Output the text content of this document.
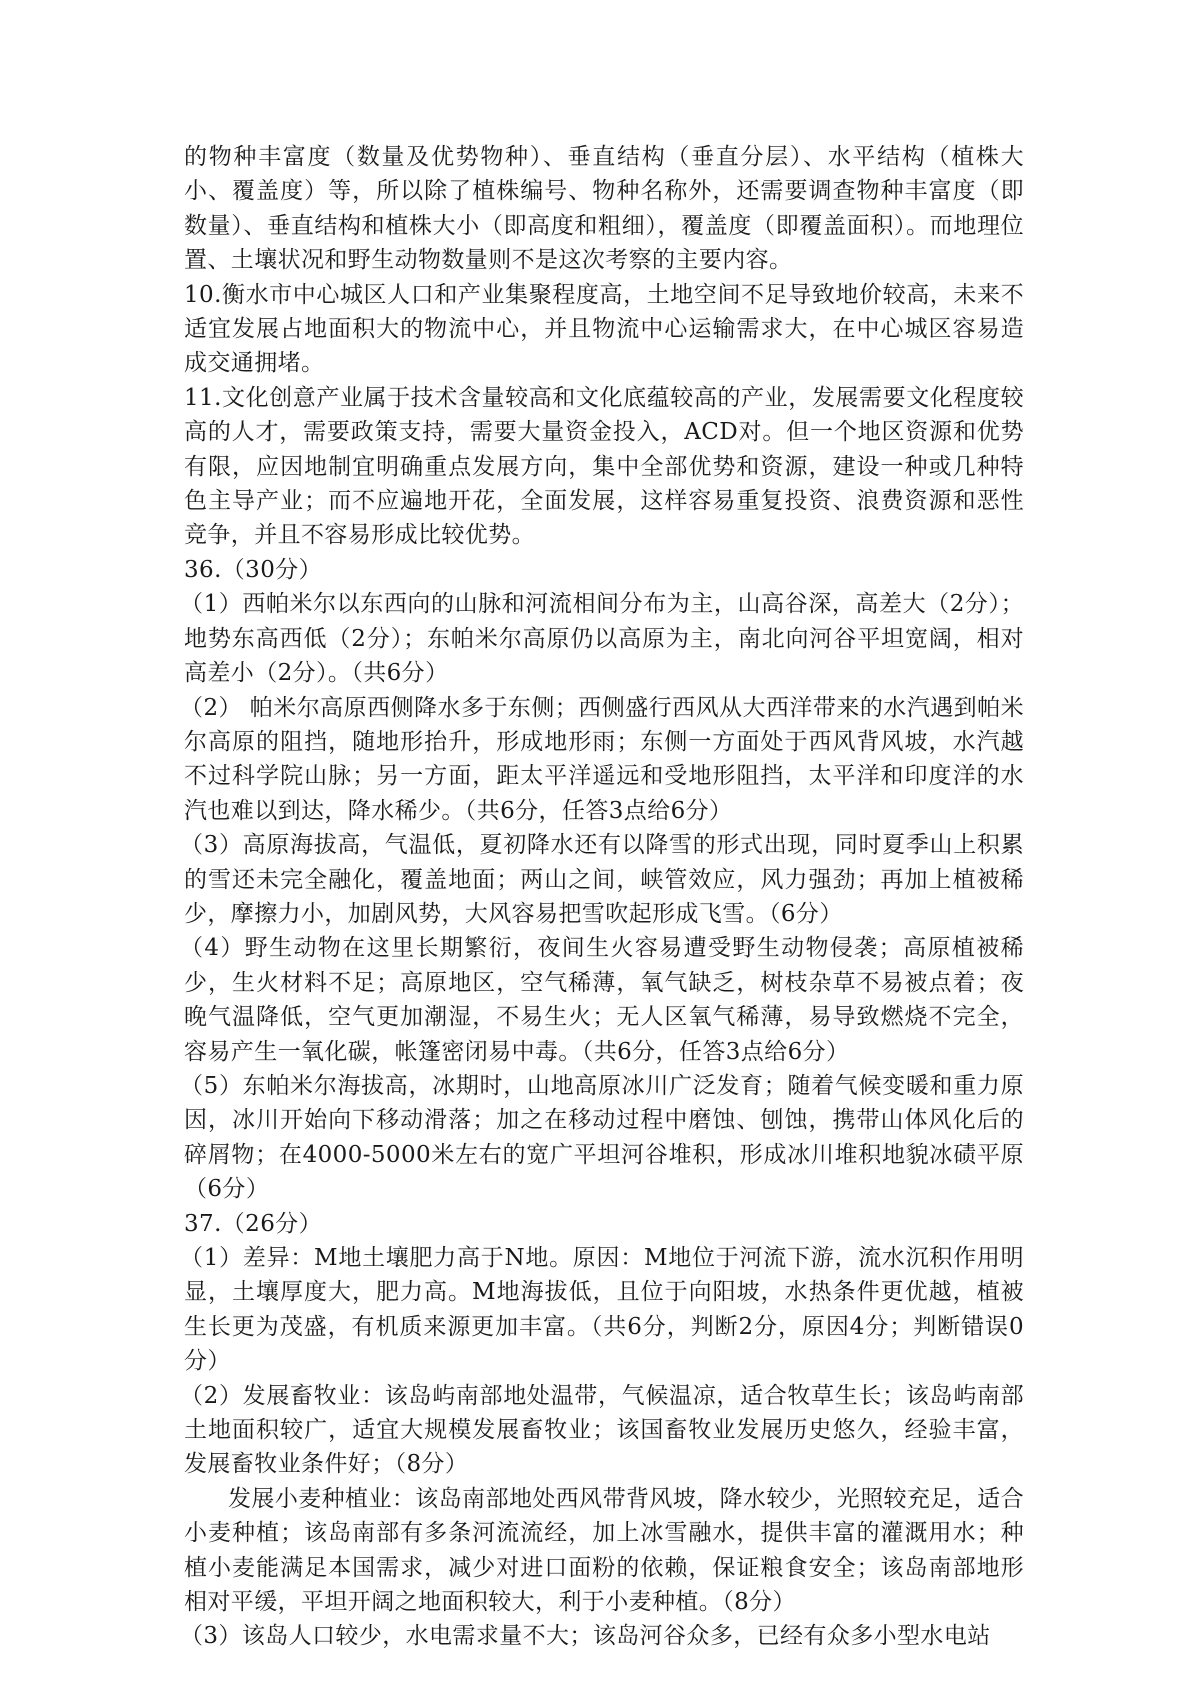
的物种丰富度（数量及优势物种）、垂直结构（垂直分层）、水平结构（植株大小、覆盖度）等，所以除了植株编号、物种名称外，还需要调查物种丰富度（即数量）、垂直结构和植株大小（即高度和粗细），覆盖度（即覆盖面积）。而地理位置、土壤状况和野生动物数量则不是这次考察的主要内容。

10.衡水市中心城区人口和产业集聚程度高，土地空间不足导致地价较高，未来不适宜发展占地面积大的物流中心，并且物流中心运输需求大，在中心城区容易造成交通拥堵。

11.文化创意产业属于技术含量较高和文化底蕴较高的产业，发展需要文化程度较高的人才，需要政策支持，需要大量资金投入，ACD对。但一个地区资源和优势有限，应因地制宜明确重点发展方向，集中全部优势和资源，建设一种或几种特色主导产业；而不应遍地开花，全面发展，这样容易重复投资、浪费资源和恶性竞争，并且不容易形成比较优势。

36.（30分）

（1）西帕米尔以东西向的山脉和河流相间分布为主，山高谷深，高差大（2分）；地势东高西低（2分）；东帕米尔高原仍以高原为主，南北向河谷平坦宽阔，相对高差小（2分）。（共6分）

（2） 帕米尔高原西侧降水多于东侧；西侧盛行西风从大西洋带来的水汽遇到帕米尔高原的阻挡，随地形抬升，形成地形雨；东侧一方面处于西风背风坡，水汽越不过科学院山脉；另一方面，距太平洋遥远和受地形阻挡，太平洋和印度洋的水汽也难以到达，降水稀少。（共6分，任答3点给6分）

（3）高原海拔高，气温低，夏初降水还有以降雪的形式出现，同时夏季山上积累的雪还未完全融化，覆盖地面；两山之间，峡管效应，风力强劲；再加上植被稀少，摩擦力小，加剧风势，大风容易把雪吹起形成飞雪。（6分）

（4）野生动物在这里长期繁衍，夜间生火容易遭受野生动物侵袭；高原植被稀少，生火材料不足；高原地区，空气稀薄，氧气缺乏，树枝杂草不易被点着；夜晚气温降低，空气更加潮湿，不易生火；无人区氧气稀薄，易导致燃烧不完全，容易产生一氧化碳，帐篷密闭易中毒。（共6分，任答3点给6分）

（5）东帕米尔海拔高，冰期时，山地高原冰川广泛发育；随着气候变暖和重力原因，冰川开始向下移动滑落；加之在移动过程中磨蚀、刨蚀，携带山体风化后的碎屑物；在4000-5000米左右的宽广平坦河谷堆积，形成冰川堆积地貌冰碛平原（6分）

37.（26分）

（1）差异：M地土壤肥力高于N地。原因：M地位于河流下游，流水沉积作用明显，土壤厚度大，肥力高。M地海拔低，且位于向阳坡，水热条件更优越，植被生长更为茂盛，有机质来源更加丰富。（共6分，判断2分，原因4分；判断错误0分）

（2）发展畜牧业：该岛屿南部地处温带，气候温凉，适合牧草生长；该岛屿南部土地面积较广，适宜大规模发展畜牧业；该国畜牧业发展历史悠久，经验丰富，发展畜牧业条件好；（8分）

发展小麦种植业：该岛南部地处西风带背风坡，降水较少，光照较充足，适合小麦种植；该岛南部有多条河流流经，加上冰雪融水，提供丰富的灌溉用水；种植小麦能满足本国需求，减少对进口面粉的依赖，保证粮食安全；该岛南部地形相对平缓，平坦开阔之地面积较大，利于小麦种植。（8分）

（3）该岛人口较少，水电需求量不大；该岛河谷众多，已经有众多小型水电站
